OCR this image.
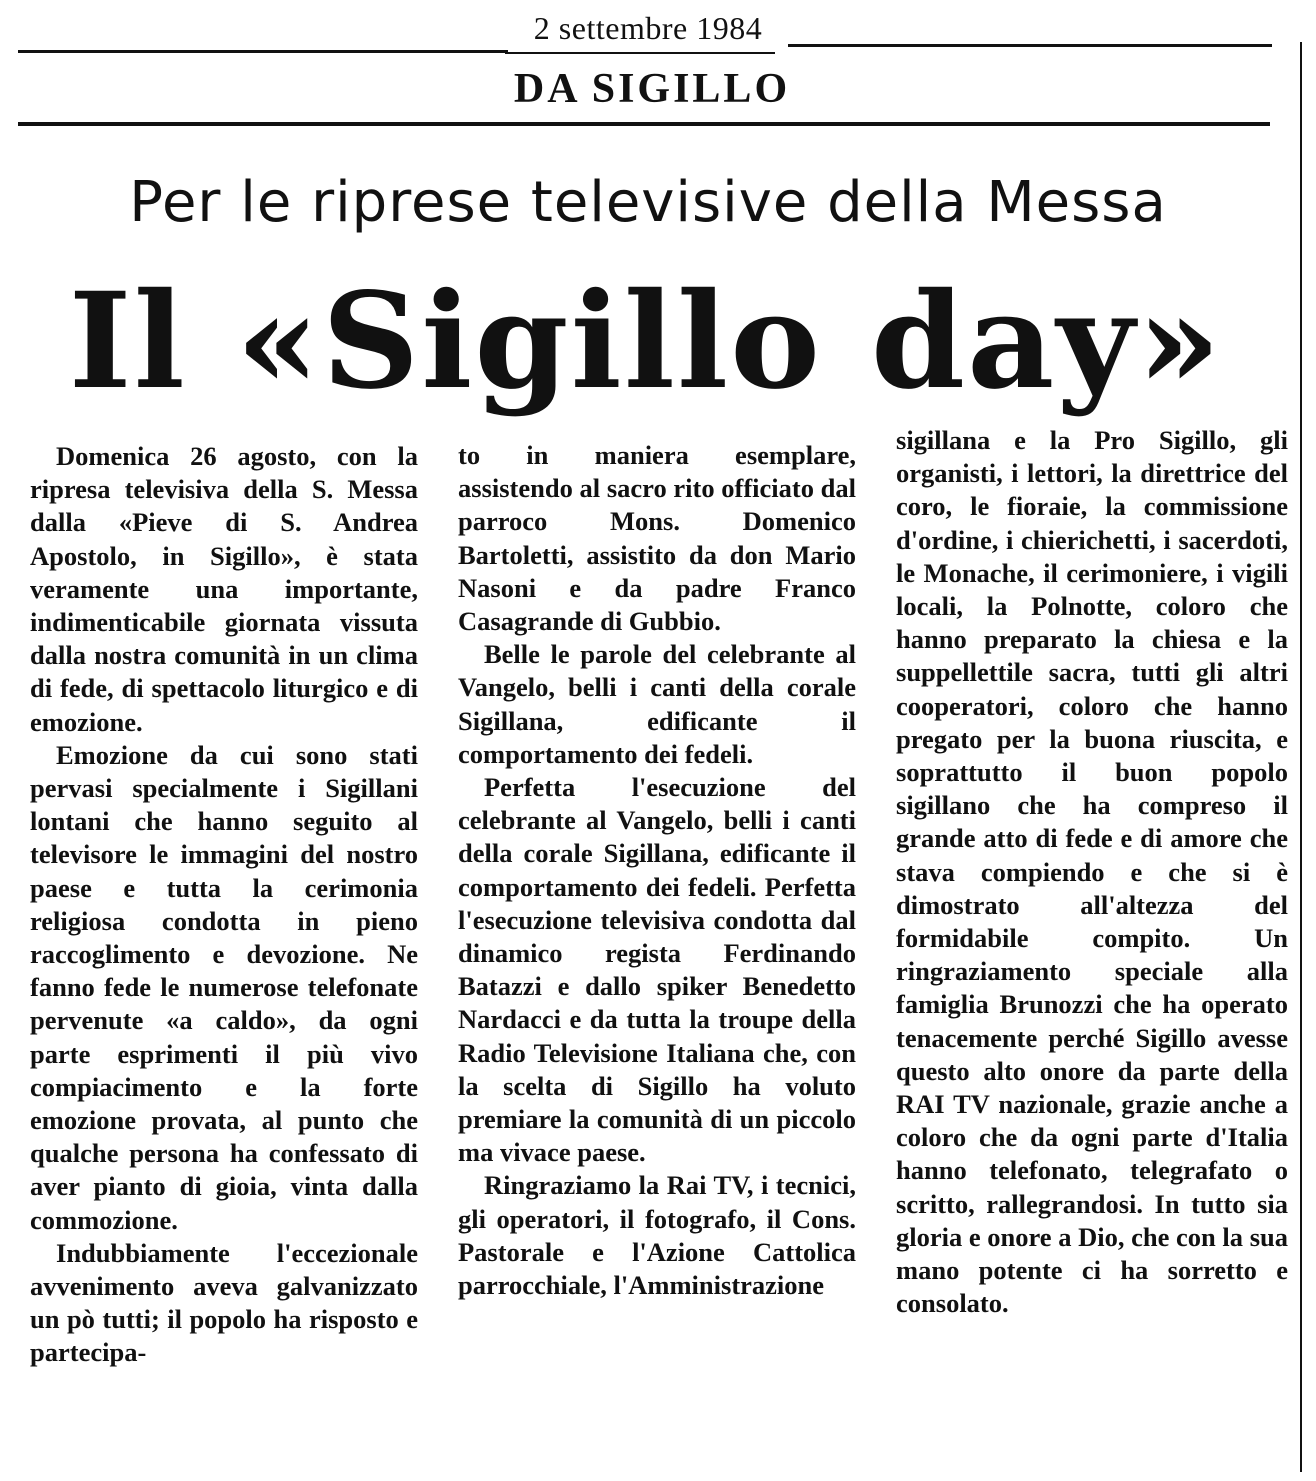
2 settembre 1984
DA SIGILLO
Per le riprese televisive della Messa
Il «Sigillo day»

Domenica 26 agosto, con la ripresa televisiva della S. Messa dalla «Pieve di S. Andrea Apostolo, in Sigillo», è stata veramente una importante, indimenticabile giornata vissuta dalla nostra comunità in un clima di fede, di spettacolo liturgico e di emozione.

Emozione da cui sono stati pervasi specialmente i Sigillani lontani che hanno seguito al televisore le immagini del nostro paese e tutta la cerimonia religiosa condotta in pieno raccoglimento e devozione. Ne fanno fede le numerose telefonate pervenute «a caldo», da ogni parte esprimenti il più vivo compiacimento e la forte emozione provata, al punto che qualche persona ha confessato di aver pianto di gioia, vinta dalla commozione.

Indubbiamente l'eccezionale avvenimento aveva galvanizzato un pò tutti; il popolo ha risposto e partecipa-

to in maniera esemplare, assistendo al sacro rito officiato dal parroco Mons. Domenico Bartoletti, assistito da don Mario Nasoni e da padre Franco Casagrande di Gubbio.

Belle le parole del celebrante al Vangelo, belli i canti della corale Sigillana, edificante il comportamento dei fedeli.

Perfetta l'esecuzione del celebrante al Vangelo, belli i canti della corale Sigillana, edificante il comportamento dei fedeli. Perfetta l'esecuzione televisiva condotta dal dinamico regista Ferdinando Batazzi e dallo spiker Benedetto Nardacci e da tutta la troupe della Radio Televisione Italiana che, con la scelta di Sigillo ha voluto premiare la comunità di un piccolo ma vivace paese.

Ringraziamo la Rai TV, i tecnici, gli operatori, il fotografo, il Cons. Pastorale e l'Azione Cattolica parrocchiale, l'Amministrazione

sigillana e la Pro Sigillo, gli organisti, i lettori, la direttrice del coro, le fioraie, la commissione d'ordine, i chierichetti, i sacerdoti, le Monache, il cerimoniere, i vigili locali, la Polnotte, coloro che hanno preparato la chiesa e la suppellettile sacra, tutti gli altri cooperatori, coloro che hanno pregato per la buona riuscita, e soprattutto il buon popolo sigillano che ha compreso il grande atto di fede e di amore che stava compiendo e che si è dimostrato all'altezza del formidabile compito. Un ringraziamento speciale alla famiglia Brunozzi che ha operato tenacemente perché Sigillo avesse questo alto onore da parte della RAI TV nazionale, grazie anche a coloro che da ogni parte d'Italia hanno telefonato, telegrafato o scritto, rallegrandosi. In tutto sia gloria e onore a Dio, che con la sua mano potente ci ha sorretto e consolato.
